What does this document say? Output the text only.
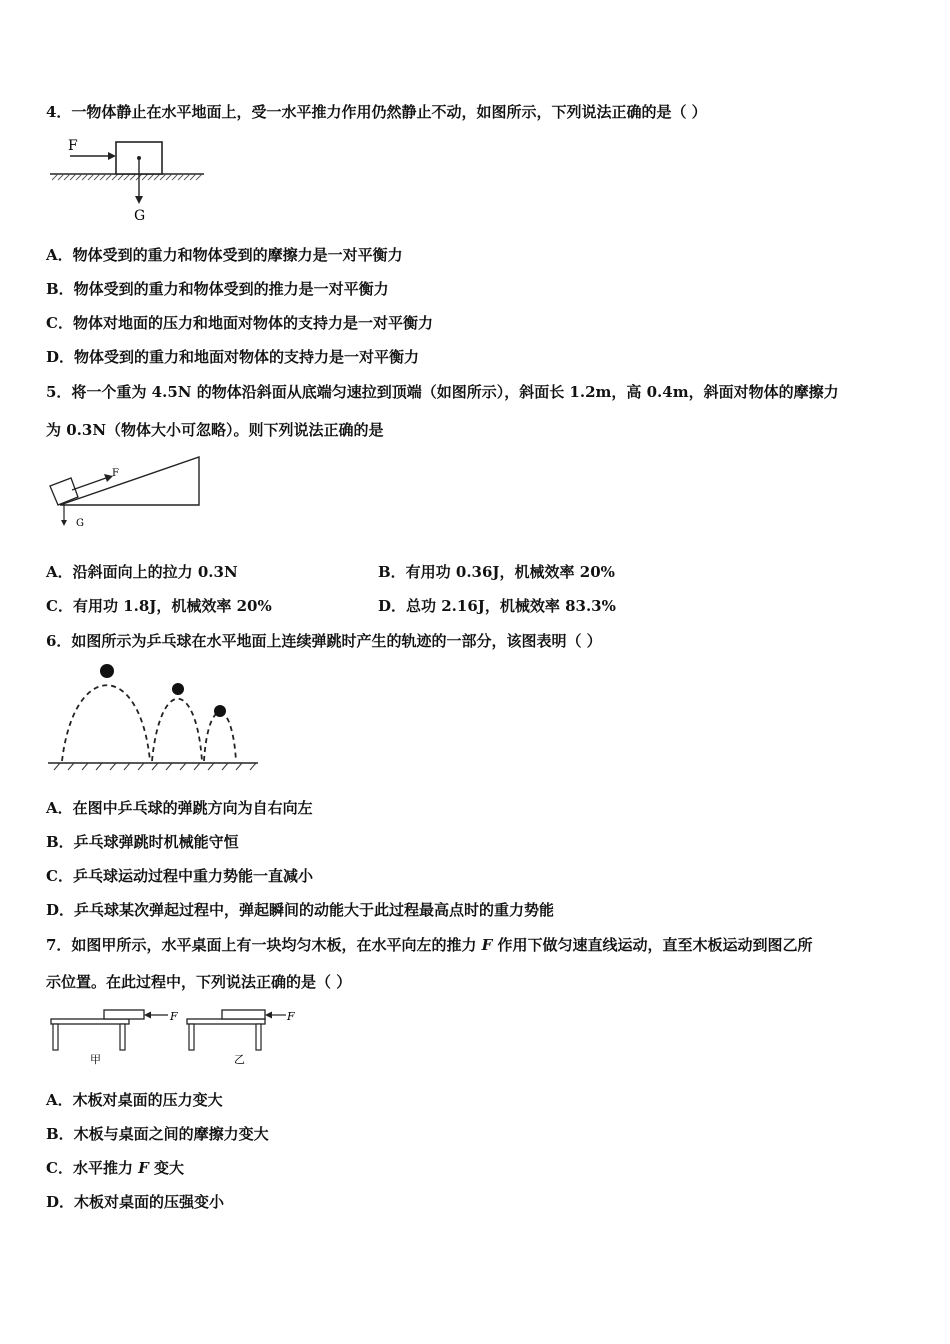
4．一物体静止在水平地面上，受一水平推力作用仍然静止不动，如图所示，下列说法正确的是（ ）
F
G
A．物体受到的重力和物体受到的摩擦力是一对平衡力
B．物体受到的重力和物体受到的推力是一对平衡力
C．物体对地面的压力和地面对物体的支持力是一对平衡力
D．物体受到的重力和地面对物体的支持力是一对平衡力
5．将一个重为 4.5N 的物体沿斜面从底端匀速拉到顶端（如图所示），斜面长 1.2m，高 0.4m，斜面对物体的摩擦力
为 0.3N（物体大小可忽略）。则下列说法正确的是
F
G
A．沿斜面向上的拉力 0.3N	B．有用功 0.36J，机械效率 20%
C．有用功 1.8J，机械效率 20%	D．总功 2.16J，机械效率 83.3%
6．如图所示为乒乓球在水平地面上连续弹跳时产生的轨迹的一部分，该图表明（ ）
A．在图中乒乓球的弹跳方向为自右向左
B．乒乓球弹跳时机械能守恒
C．乒乓球运动过程中重力势能一直减小
D．乒乓球某次弹起过程中，弹起瞬间的动能大于此过程最高点时的重力势能
7．如图甲所示，水平桌面上有一块均匀木板，在水平向左的推力 F 作用下做匀速直线运动，直至木板运动到图乙所
示位置。在此过程中，下列说法正确的是（ ）
F
甲
F
乙
A．木板对桌面的压力变大
B．木板与桌面之间的摩擦力变大
C．水平推力 F 变大
D．木板对桌面的压强变小
